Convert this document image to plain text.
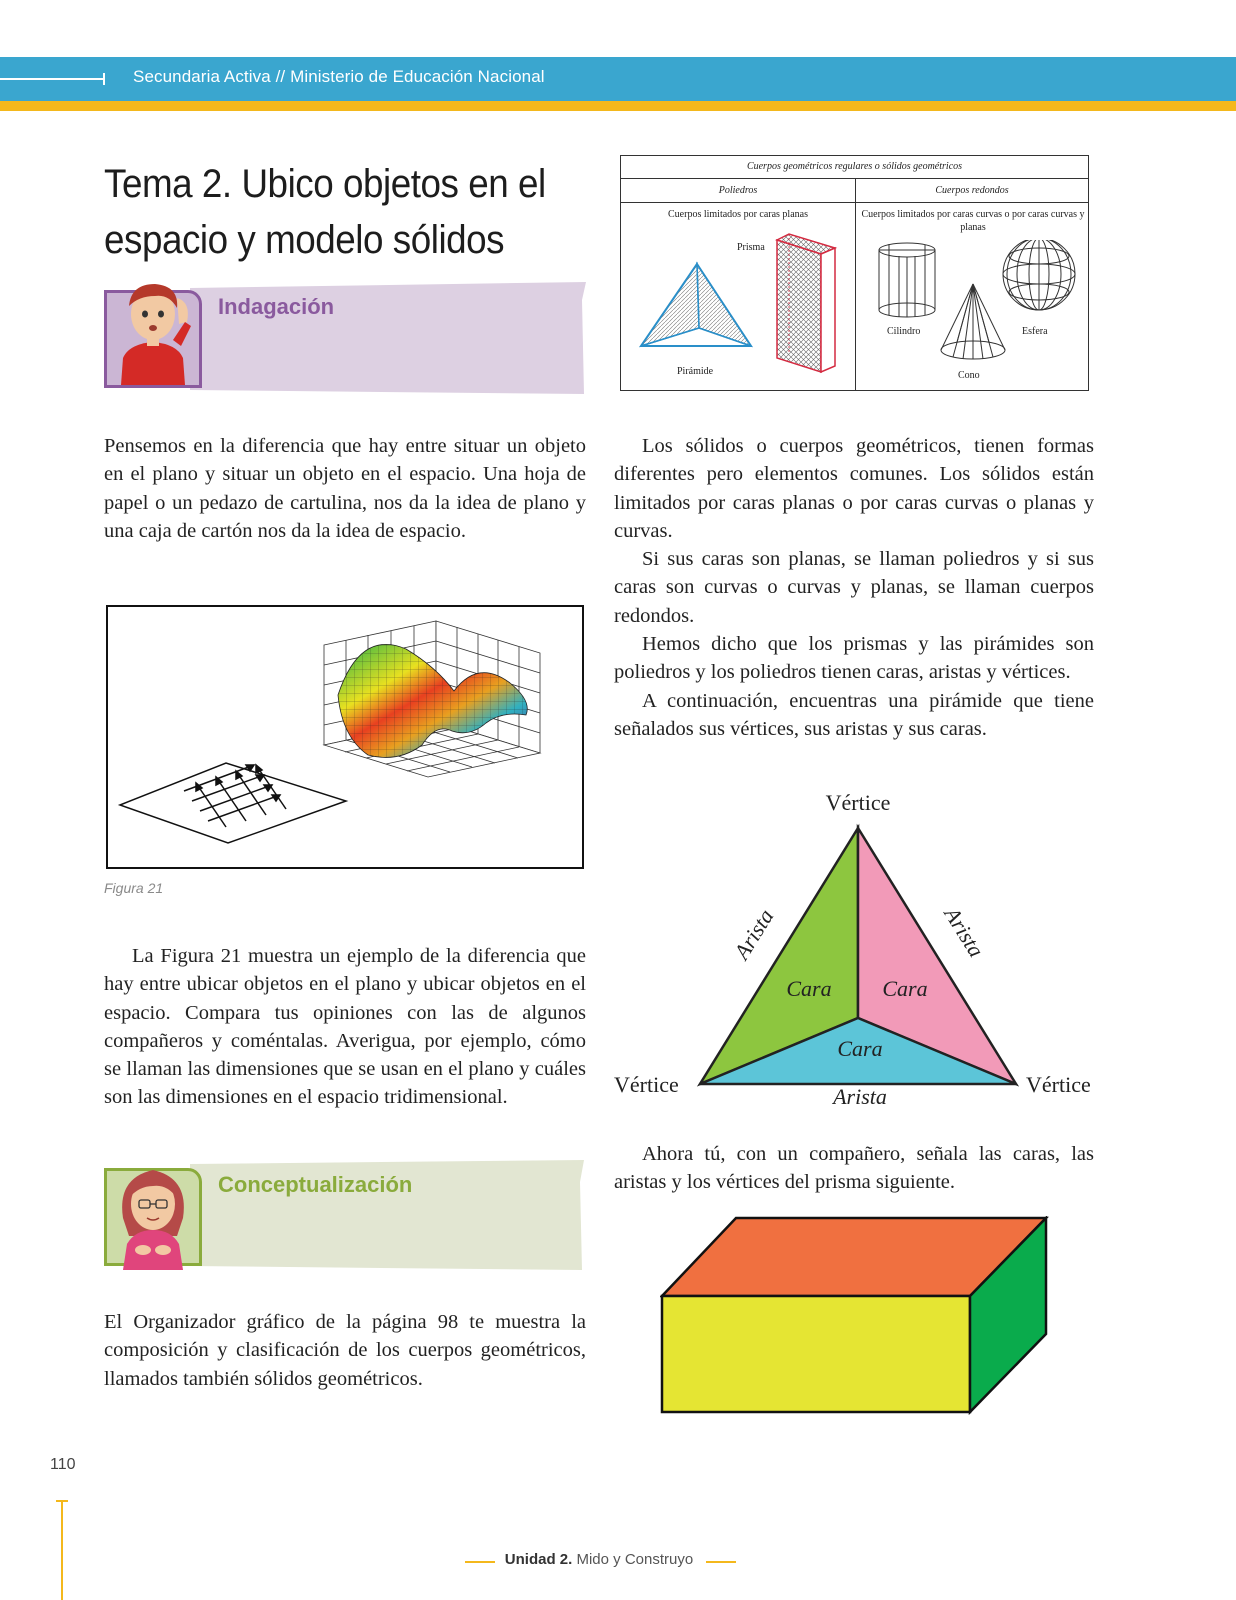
Secundaria Activa // Ministerio de Educación Nacional
Tema 2. Ubico objetos en el
espacio y modelo sólidos
Indagación
Cuerpos geométricos regulares o sólidos geométricos
Poliedros	Cuerpos redondos
Cuerpos limitados por caras planas	Cuerpos limitados por caras curvas o por caras curvas y planas
Prisma
Pirámide
Cilindro	Esfera
Cono

Pensemos en la diferencia que hay entre situar un objeto en el plano y situar un objeto en el espacio. Una hoja de papel o un pedazo de cartulina, nos da la idea de plano y una caja de cartón nos da la idea de espacio.

Figura 21

La Figura 21 muestra un ejemplo de la diferencia que hay entre ubicar objetos en el plano y ubicar objetos en el espacio. Compara tus opiniones con las de algunos compañeros y coméntalas. Averigua, por ejemplo, cómo se llaman las dimensiones que se usan en el plano y cuáles son las dimensiones en el espacio tridimensional.

Conceptualización

El Organizador gráfico de la página 98 te muestra la composición y clasificación de los cuerpos geométricos, llamados también sólidos geométricos.

Los sólidos o cuerpos geométricos, tienen formas diferentes pero elementos comunes. Los sólidos están limitados por caras planas o por caras curvas o planas y curvas.

Si sus caras son planas, se llaman poliedros y si sus caras son curvas o curvas y planas, se llaman cuerpos redondos.

Hemos dicho que los prismas y las pirámides son poliedros y los poliedros tienen caras, aristas y vértices.

A continuación, encuentras una pirámide que tiene señalados sus vértices, sus aristas y sus caras.

Vértice
Vértice	Vértice
Arista	Arista
Arista
Cara Cara
Cara

Ahora tú, con un compañero, señala las caras, las aristas y los vértices del prisma siguiente.

110
Unidad 2. Mido y Construyo
